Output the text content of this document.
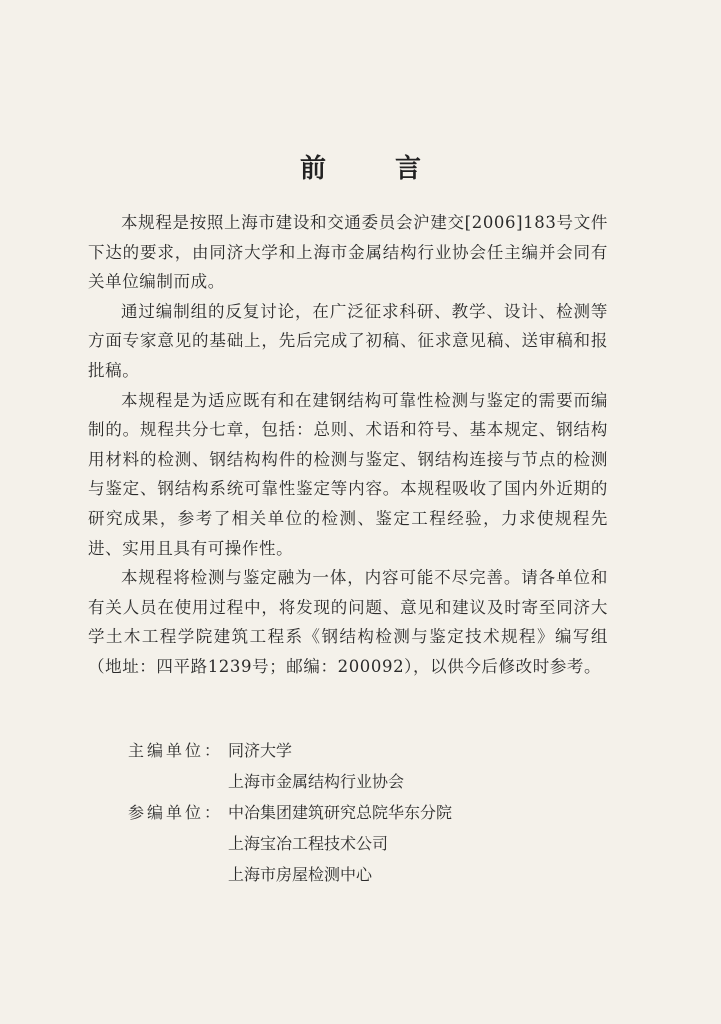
前 言

本规程是按照上海市建设和交通委员会沪建交[2006]183号文件下达的要求，由同济大学和上海市金属结构行业协会任主编并会同有关单位编制而成。

通过编制组的反复讨论，在广泛征求科研、教学、设计、检测等方面专家意见的基础上，先后完成了初稿、征求意见稿、送审稿和报批稿。

本规程是为适应既有和在建钢结构可靠性检测与鉴定的需要而编制的。规程共分七章，包括：总则、术语和符号、基本规定、钢结构用材料的检测、钢结构构件的检测与鉴定、钢结构连接与节点的检测与鉴定、钢结构系统可靠性鉴定等内容。本规程吸收了国内外近期的研究成果，参考了相关单位的检测、鉴定工程经验，力求使规程先进、实用且具有可操作性。

本规程将检测与鉴定融为一体，内容可能不尽完善。请各单位和有关人员在使用过程中，将发现的问题、意见和建议及时寄至同济大学土木工程学院建筑工程系《钢结构检测与鉴定技术规程》编写组（地址：四平路1239号；邮编：200092），以供今后修改时参考。

主编单位： 同济大学
上海市金属结构行业协会
参编单位： 中冶集团建筑研究总院华东分院
上海宝冶工程技术公司
上海市房屋检测中心
